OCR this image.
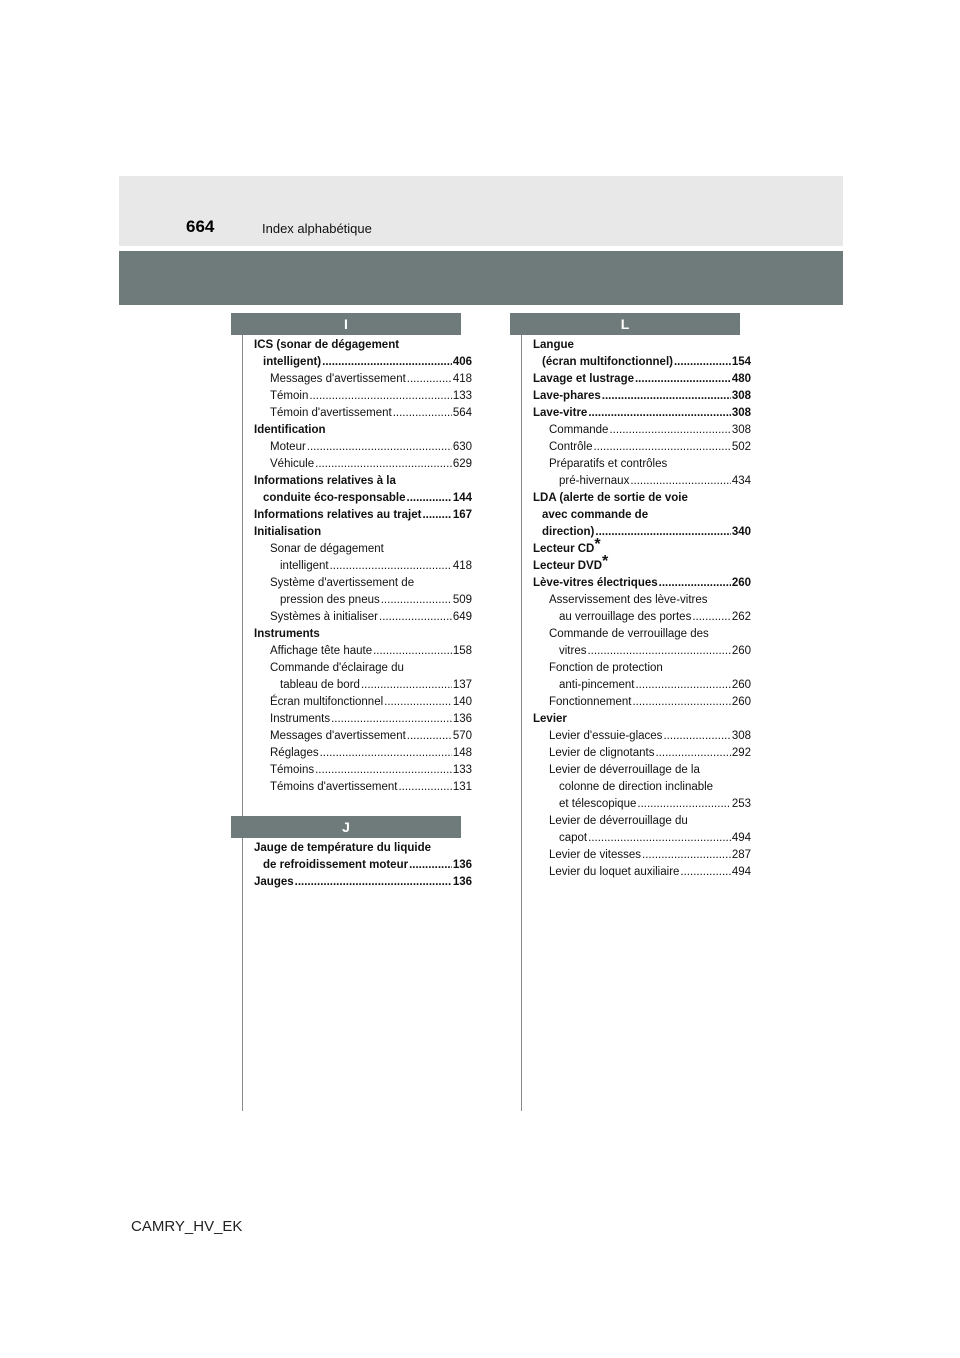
664	Index alphabétique
I
ICS (sonar de dégagement
intelligent) .....	406
Messages d'avertissement .....	418
Témoin .....	133
Témoin d'avertissement .....	564
Identification
Moteur .....	630
Véhicule .....	629
Informations relatives à la
conduite éco-responsable .....	144
Informations relatives au trajet .....	167
Initialisation
Sonar de dégagement
intelligent .....	418
Système d'avertissement de
pression des pneus .....	509
Systèmes à initialiser .....	649
Instruments
Affichage tête haute .....	158
Commande d'éclairage du
tableau de bord .....	137
Écran multifonctionnel .....	140
Instruments .....	136
Messages d'avertissement .....	570
Réglages .....	148
Témoins .....	133
Témoins d'avertissement .....	131
J
Jauge de température du liquide
de refroidissement moteur .....	136
Jauges .....	136
L
Langue
(écran multifonctionnel) .....	154
Lavage et lustrage .....	480
Lave-phares .....	308
Lave-vitre .....	308
Commande .....	308
Contrôle .....	502
Préparatifs et contrôles
pré-hivernaux .....	434
LDA (alerte de sortie de voie
avec commande de
direction) .....	340
Lecteur CD *
Lecteur DVD *
Lève-vitres électriques .....	260
Asservissement des lève-vitres
au verrouillage des portes .....	262
Commande de verrouillage des
vitres .....	260
Fonction de protection
anti-pincement .....	260
Fonctionnement .....	260
Levier
Levier d'essuie-glaces .....	308
Levier de clignotants .....	292
Levier de déverrouillage de la
colonne de direction inclinable
et télescopique .....	253
Levier de déverrouillage du
capot .....	494
Levier de vitesses .....	287
Levier du loquet auxiliaire .....	494
CAMRY_HV_EK
